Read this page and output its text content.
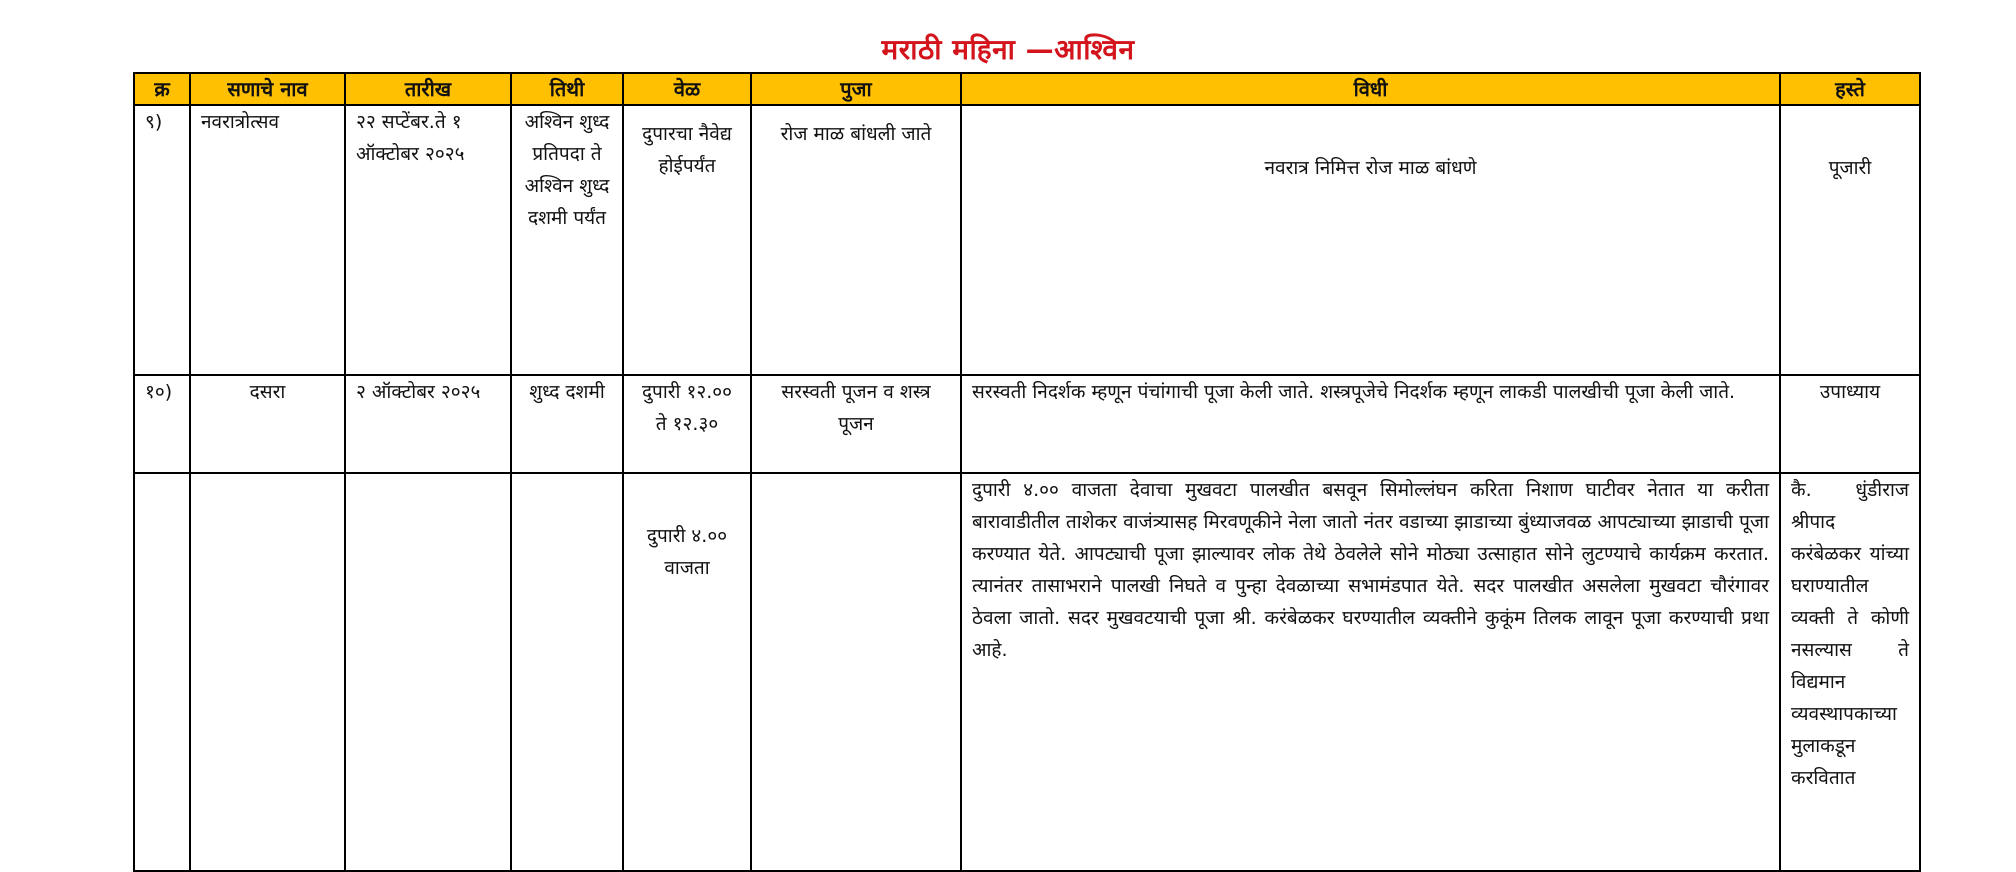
मराठी महिना —आश्विन
क्र	सणाचे नाव	तारीख	तिथी	वेळ	पुजा	विधी	हस्ते
९)	नवरात्रोत्सव	२२ सप्टेंबर.ते १ ऑक्टोबर २०२५	अश्विन शुध्द प्रतिपदा ते अश्विन शुध्द दशमी पर्यंत	दुपारचा नैवेद्य होईपर्यंत	रोज माळ बांधली जाते	नवरात्र निमित्त रोज माळ बांधणे	पूजारी
१०)	दसरा	२ ऑक्टोबर २०२५	शुध्द दशमी	दुपारी १२.०० ते १२.३०	सरस्वती पूजन व शस्त्र पूजन	सरस्वती निदर्शक म्हणून पंचांगाची पूजा केली जाते. शस्त्रपूजेचे निदर्शक म्हणून लाकडी पालखीची पूजा केली जाते.	उपाध्याय
				दुपारी ४.०० वाजता		दुपारी ४.०० वाजता देवाचा मुखवटा पालखीत बसवून सिमोल्लंघन करिता निशाण घाटीवर नेतात या करीता बारावाडीतील ताशेकर वाजंत्र्यासह मिरवणूकीने नेला जातो नंतर वडाच्या झाडाच्या बुंध्याजवळ आपट्याच्या झाडाची पूजा करण्यात येते. आपट्याची पूजा झाल्यावर लोक तेथे ठेवलेले सोने मोठ्या उत्साहात सोने लुटण्याचे कार्यक्रम करतात. त्यानंतर तासाभराने पालखी निघते व पुन्हा देवळाच्या सभामंडपात येते. सदर पालखीत असलेला मुखवटा चौरंगावर ठेवला जातो. सदर मुखवटयाची पूजा श्री. करंबेळकर घरण्यातील व्यक्तीने कुकूंम तिलक लावून पूजा करण्याची प्रथा आहे.	कै. धुंडीराज श्रीपाद करंबेळकर यांच्या घराण्यातील व्यक्ती ते कोणी नसल्यास ते विद्यमान व्यवस्थापकाच्या मुलाकडून करवितात
